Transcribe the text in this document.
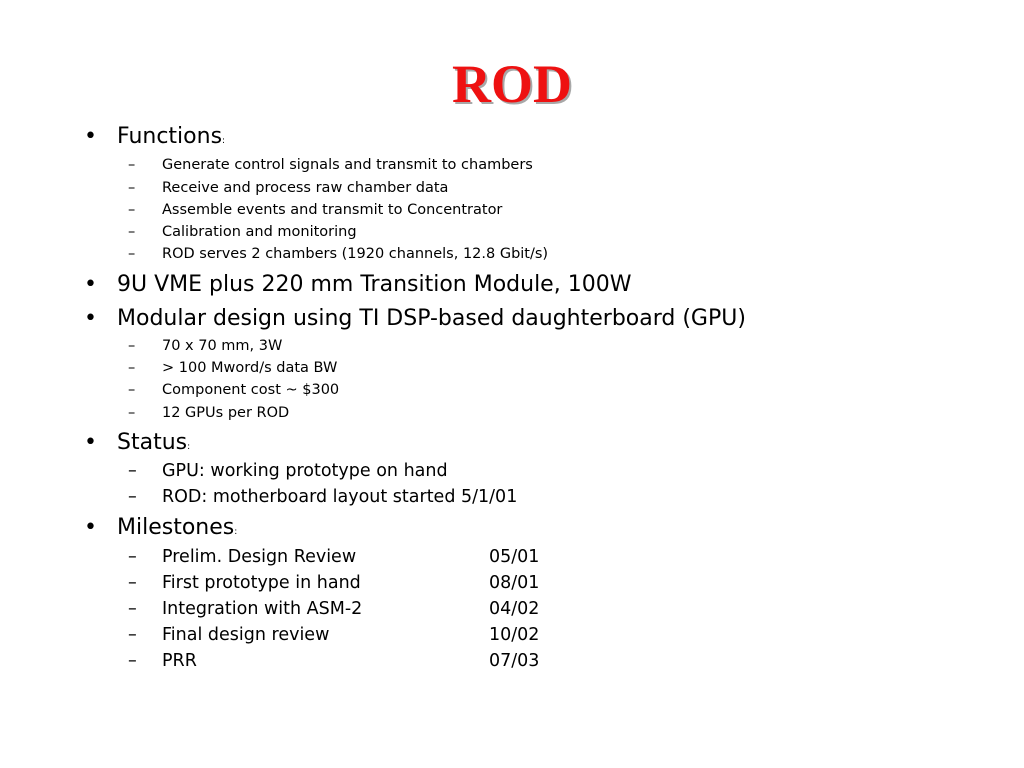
ROD
• Functions:
– Generate control signals and transmit to chambers
– Receive and process raw chamber data
– Assemble events and transmit to Concentrator
– Calibration and monitoring
– ROD serves 2 chambers (1920 channels, 12.8 Gbit/s)
• 9U VME plus 220 mm Transition Module, 100W
• Modular design using TI DSP-based daughterboard (GPU)
– 70 x 70 mm, 3W
– > 100 Mword/s data BW
– Component cost ~ $300
– 12 GPUs per ROD
• Status:
– GPU: working prototype on hand
– ROD: motherboard layout started 5/1/01
• Milestones:
– Prelim. Design Review	05/01
– First prototype in hand	08/01
– Integration with ASM-2	04/02
– Final design review	10/02
– PRR	07/03
